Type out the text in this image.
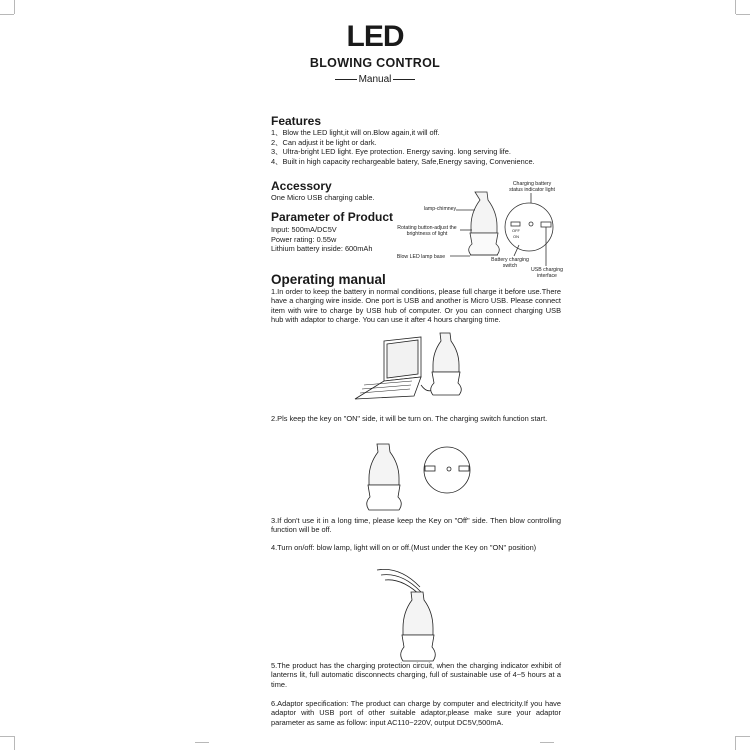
LED
BLOWING CONTROL
Manual
Features
1、Blow the LED light,it will on.Blow again,it will off.
2、Can adjust it be light or dark.
3、Ultra-bright LED light. Eye protection. Energy saving. long serving life.
4、Built in high capacity rechargeable batery, Safe,Energy saving, Convenience.
Accessory
One Micro USB charging cable.
Parameter of Product
Input: 500mA/DC5V
Power rating: 0.55w
Lithium battery inside: 600mAh
lamp-chimney
Rotating button-adjust the brightness of light
Blow LED lamp base
Charging battery status indicator light
Battery charging switch
USB charging interface
OFF ON
Operating manual
1.In order to keep the battery in normal conditions, please full charge it before use.There have a charging wire inside. One port is USB and another is Micro USB. Please connect item with wire to charge by USB hub of computer. Or you can connect charging USB hub with adaptor to charge. You can use it after 4 hours charging time.
2.Pls keep the key on "ON" side, it will be turn on. The charging switch function start.
3.If don't use it in a long time, please keep the Key on "Off" side. Then blow controlling function will be off.
4.Turn on/off: blow lamp, light will on or off.(Must under the Key on "ON" position)
5.The product has the charging protection circuit, when the charging indicator exhibit of lanterns lit, full automatic disconnects charging, full of sustainable use of 4~5 hours at a time.
6.Adaptor specification: The product can charge by computer and electricity.If you have adaptor with USB port of other suitable adaptor,please make sure your adaptor parameter as same as follow: input AC110~220V, output DC5V,500mA.
